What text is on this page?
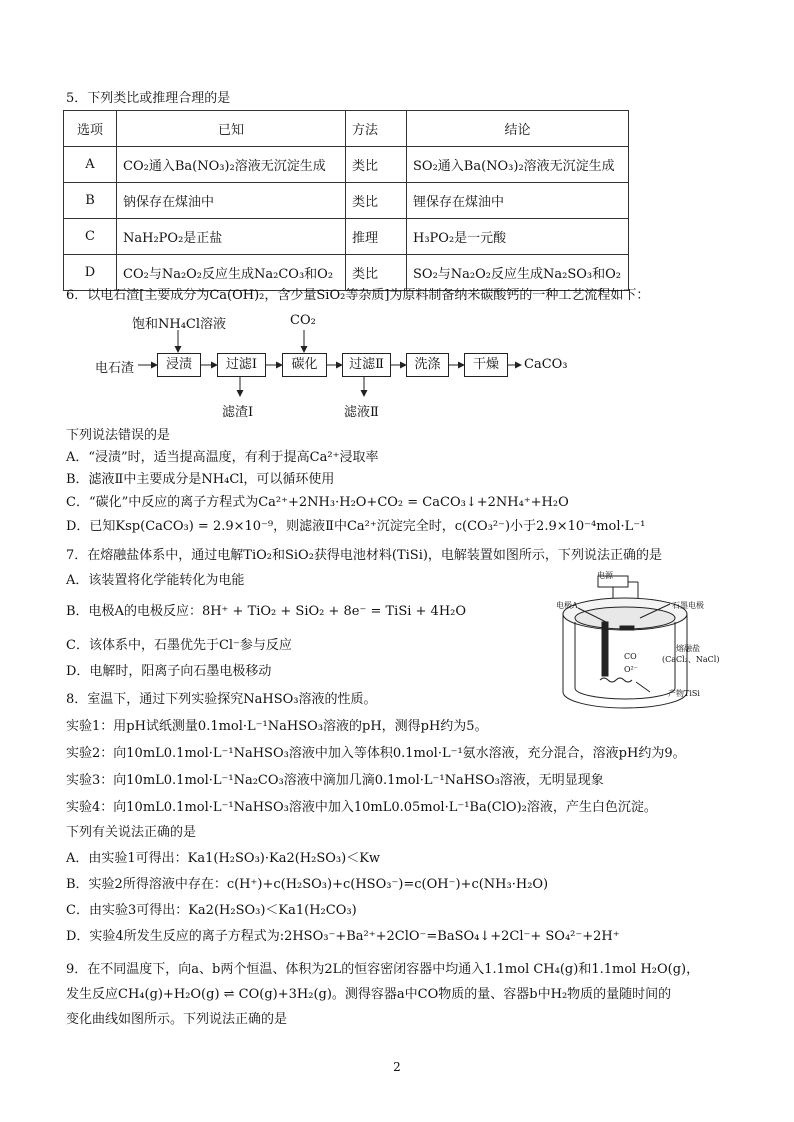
5．下列类比或推理合理的是
选项	已知	方法	结论
A	CO₂通入Ba(NO₃)₂溶液无沉淀生成	类比	SO₂通入Ba(NO₃)₂溶液无沉淀生成
B	钠保存在煤油中	类比	锂保存在煤油中
C	NaH₂PO₂是正盐	推理	H₃PO₂是一元酸
D	CO₂与Na₂O₂反应生成Na₂CO₃和O₂	类比	SO₂与Na₂O₂反应生成Na₂SO₃和O₂
6．以电石渣[主要成分为Ca(OH)₂，含少量SiO₂等杂质]为原料制备纳米碳酸钙的一种工艺流程如下：
电石渣	浸渍	过滤Ⅰ	碳化	过滤Ⅱ	洗涤	干燥	CaCO₃
饱和NH₄Cl溶液	CO₂
滤渣Ⅰ	滤液Ⅱ
下列说法错误的是
A．“浸渍”时，适当提高温度，有利于提高Ca²⁺浸取率
B．滤液Ⅱ中主要成分是NH₄Cl，可以循环使用
C．“碳化”中反应的离子方程式为Ca²⁺+2NH₃·H₂O+CO₂ = CaCO₃↓+2NH₄⁺+H₂O
D．已知Ksp(CaCO₃) = 2.9×10⁻⁹，则滤液Ⅱ中Ca²⁺沉淀完全时，c(CO₃²⁻)小于2.9×10⁻⁴mol·L⁻¹
7．在熔融盐体系中，通过电解TiO₂和SiO₂获得电池材料(TiSi)，电解装置如图所示，下列说法正确的是
A．该装置将化学能转化为电能
B．电极A的电极反应：8H⁺ + TiO₂ + SiO₂ + 8e⁻ = TiSi + 4H₂O
C．该体系中，石墨优先于Cl⁻参与反应
D．电解时，阳离子向石墨电极移动
电源
电极A	石墨电极
熔融盐
(CaCl₂、NaCl)
CO
O²⁻
产物TiSi
8．室温下，通过下列实验探究NaHSO₃溶液的性质。
实验1：用pH试纸测量0.1mol·L⁻¹NaHSO₃溶液的pH，测得pH约为5。
实验2：向10mL0.1mol·L⁻¹NaHSO₃溶液中加入等体积0.1mol·L⁻¹氨水溶液，充分混合，溶液pH约为9。
实验3：向10mL0.1mol·L⁻¹Na₂CO₃溶液中滴加几滴0.1mol·L⁻¹NaHSO₃溶液，无明显现象
实验4：向10mL0.1mol·L⁻¹NaHSO₃溶液中加入10mL0.05mol·L⁻¹Ba(ClO)₂溶液，产生白色沉淀。
下列有关说法正确的是
A．由实验1可得出：Ka1(H₂SO₃)·Ka2(H₂SO₃)＜Kw
B．实验2所得溶液中存在：c(H⁺)+c(H₂SO₃)+c(HSO₃⁻)=c(OH⁻)+c(NH₃·H₂O)
C．由实验3可得出：Ka2(H₂SO₃)＜Ka1(H₂CO₃)
D．实验4所发生反应的离子方程式为:2HSO₃⁻+Ba²⁺+2ClO⁻=BaSO₄↓+2Cl⁻+ SO₄²⁻+2H⁺
9．在不同温度下，向a、b两个恒温、体积为2L的恒容密闭容器中均通入1.1mol CH₄(g)和1.1mol H₂O(g)，
发生反应CH₄(g)+H₂O(g) ⇌ CO(g)+3H₂(g)。测得容器a中CO物质的量、容器b中H₂物质的量随时间的
变化曲线如图所示。下列说法正确的是
2
